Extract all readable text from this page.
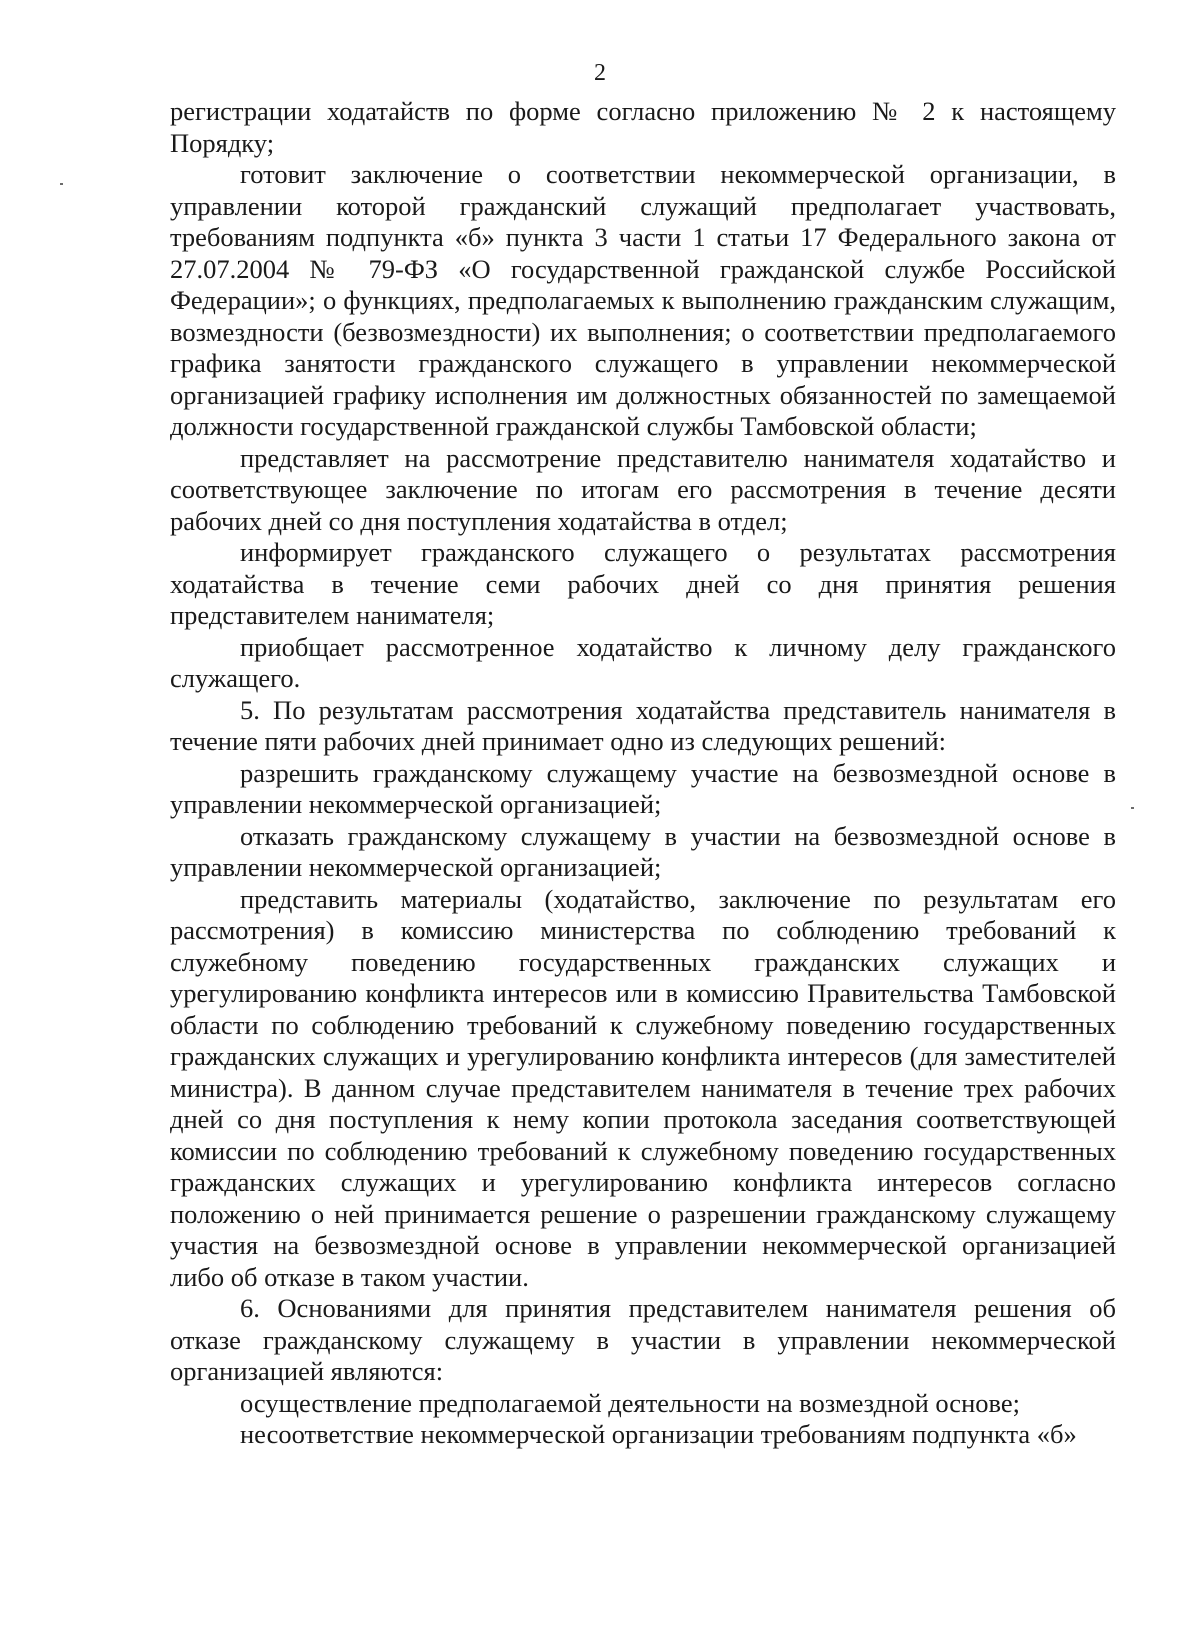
2

регистрации ходатайств по форме согласно приложению № 2 к настоящему Порядку;

готовит заключение о соответствии некоммерческой организации, в управлении которой гражданский служащий предполагает участвовать, требованиям подпункта «б» пункта 3 части 1 статьи 17 Федерального закона от 27.07.2004 № 79-ФЗ «О государственной гражданской службе Российской Федерации»; о функциях, предполагаемых к выполнению гражданским служащим, возмездности (безвозмездности) их выполнения; о соответствии предполагаемого графика занятости гражданского служащего в управлении некоммерческой организацией графику исполнения им должностных обязанностей по замещаемой должности государственной гражданской службы Тамбовской области;

представляет на рассмотрение представителю нанимателя ходатайство и соответствующее заключение по итогам его рассмотрения в течение десяти рабочих дней со дня поступления ходатайства в отдел;

информирует гражданского служащего о результатах рассмотрения ходатайства в течение семи рабочих дней со дня принятия решения представителем нанимателя;

приобщает рассмотренное ходатайство к личному делу гражданского служащего.

5. По результатам рассмотрения ходатайства представитель нанимателя в течение пяти рабочих дней принимает одно из следующих решений:

разрешить гражданскому служащему участие на безвозмездной основе в управлении некоммерческой организацией;

отказать гражданскому служащему в участии на безвозмездной основе в управлении некоммерческой организацией;

представить материалы (ходатайство, заключение по результатам его рассмотрения) в комиссию министерства по соблюдению требований к служебному поведению государственных гражданских служащих и урегулированию конфликта интересов или в комиссию Правительства Тамбовской области по соблюдению требований к служебному поведению государственных гражданских служащих и урегулированию конфликта интересов (для заместителей министра). В данном случае представителем нанимателя в течение трех рабочих дней со дня поступления к нему копии протокола заседания соответствующей комиссии по соблюдению требований к служебному поведению государственных гражданских служащих и урегулированию конфликта интересов согласно положению о ней принимается решение о разрешении гражданскому служащему участия на безвозмездной основе в управлении некоммерческой организацией либо об отказе в таком участии.

6. Основаниями для принятия представителем нанимателя решения об отказе гражданскому служащему в участии в управлении некоммерческой организацией являются:

осуществление предполагаемой деятельности на возмездной основе;

несоответствие некоммерческой организации требованиям подпункта «б»
